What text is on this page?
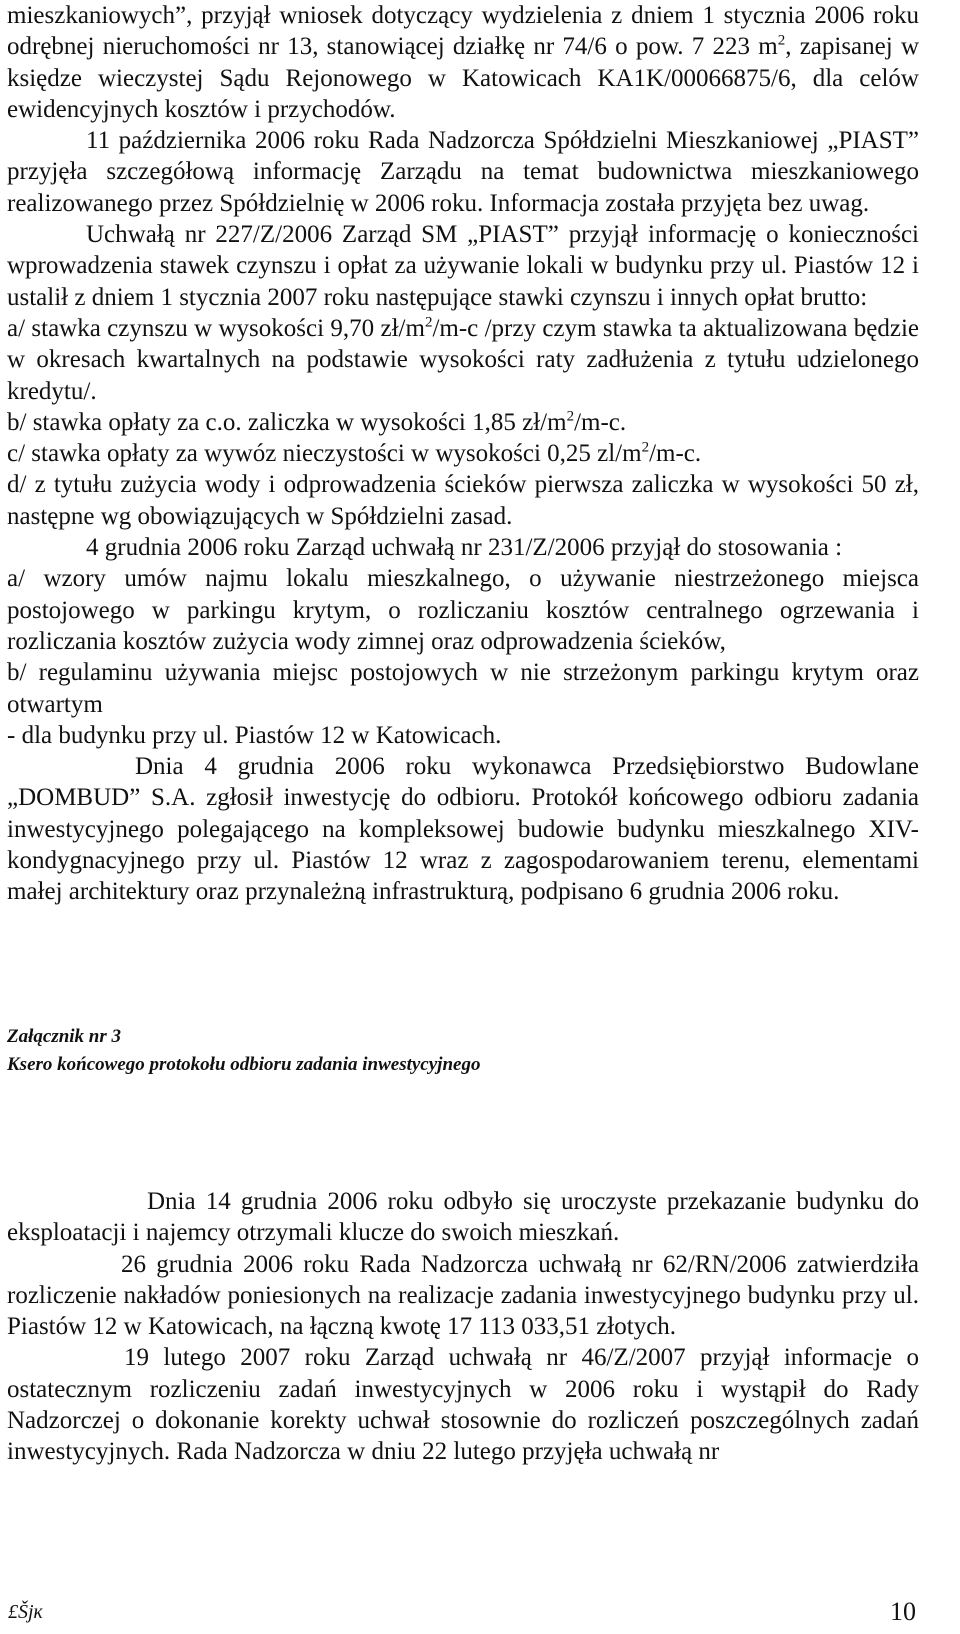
mieszkaniowych”, przyjął wniosek dotyczący wydzielenia z dniem 1 stycznia 2006 roku odrębnej nieruchomości nr 13, stanowiącej działkę nr 74/6 o pow. 7 223 $m^2$, zapisanej w księdze wieczystej Sądu Rejonowego w Katowicach KA1K/00066875/6, dla celów ewidencyjnych kosztów i przychodów.

11 października 2006 roku Rada Nadzorcza Spółdzielni Mieszkaniowej „PIAST” przyjęła szczegółową informację Zarządu na temat budownictwa mieszkaniowego realizowanego przez Spółdzielnię w 2006 roku. Informacja została przyjęta bez uwag.

Uchwałą nr 227/Z/2006 Zarząd SM „PIAST” przyjął informację o konieczności wprowadzenia stawek czynszu i opłat za używanie lokali w budynku przy ul. Piastów 12 i ustalił z dniem 1 stycznia 2007 roku następujące stawki czynszu i innych opłat brutto:

a/ stawka czynszu w wysokości 9,70 $zł/m^2/m-c$ /przy czym stawka ta aktualizowana będzie w okresach kwartalnych na podstawie wysokości raty zadłużenia z tytułu udzielonego kredytu/.

b/ stawka opłaty za c.o. zaliczka w wysokości 1,85 $zł/m^2/m-c$.

c/ stawka opłaty za wywóz nieczystości w wysokości 0,25 $zl/m^2/m-c$.

d/ z tytułu zużycia wody i odprowadzenia ścieków pierwsza zaliczka w wysokości 50 zł, następne wg obowiązujących w Spółdzielni zasad.

4 grudnia 2006 roku Zarząd uchwałą nr 231/Z/2006 przyjął do stosowania :

a/ wzory umów najmu lokalu mieszkalnego, o używanie niestrzeżonego miejsca postojowego w parkingu krytym, o rozliczaniu kosztów centralnego ogrzewania i rozliczania kosztów zużycia wody zimnej oraz odprowadzenia ścieków,

b/ regulaminu używania miejsc postojowych w nie strzeżonym parkingu krytym oraz otwartym

- dla budynku przy ul. Piastów 12 w Katowicach.

Dnia 4 grudnia 2006 roku wykonawca Przedsiębiorstwo Budowlane „DOMBUD” S.A. zgłosił inwestycję do odbioru. Protokół końcowego odbioru zadania inwestycyjnego polegającego na kompleksowej budowie budynku mieszkalnego XIV-kondygnacyjnego przy ul. Piastów 12 wraz z zagospodarowaniem terenu, elementami małej architektury oraz przynależną infrastrukturą, podpisano 6 grudnia 2006 roku.

Załącznik nr 3
Ksero końcowego protokołu odbioru zadania inwestycyjnego

Dnia 14 grudnia 2006 roku odbyło się uroczyste przekazanie budynku do eksploatacji i najemcy otrzymali klucze do swoich mieszkań.

26 grudnia 2006 roku Rada Nadzorcza uchwałą nr 62/RN/2006 zatwierdziła rozliczenie nakładów poniesionych na realizacje zadania inwestycyjnego budynku przy ul. Piastów 12 w Katowicach, na łączną kwotę 17 113 033,51 złotych.

19 lutego 2007 roku Zarząd uchwałą nr 46/Z/2007 przyjął informacje o ostatecznym rozliczeniu zadań inwestycyjnych w 2006 roku i wystąpił do Rady Nadzorczej o dokonanie korekty uchwał stosownie do rozliczeń poszczególnych zadań inwestycyjnych. Rada Nadzorcza w dniu 22 lutego przyjęła uchwałą nr

£Šjĸ	10
